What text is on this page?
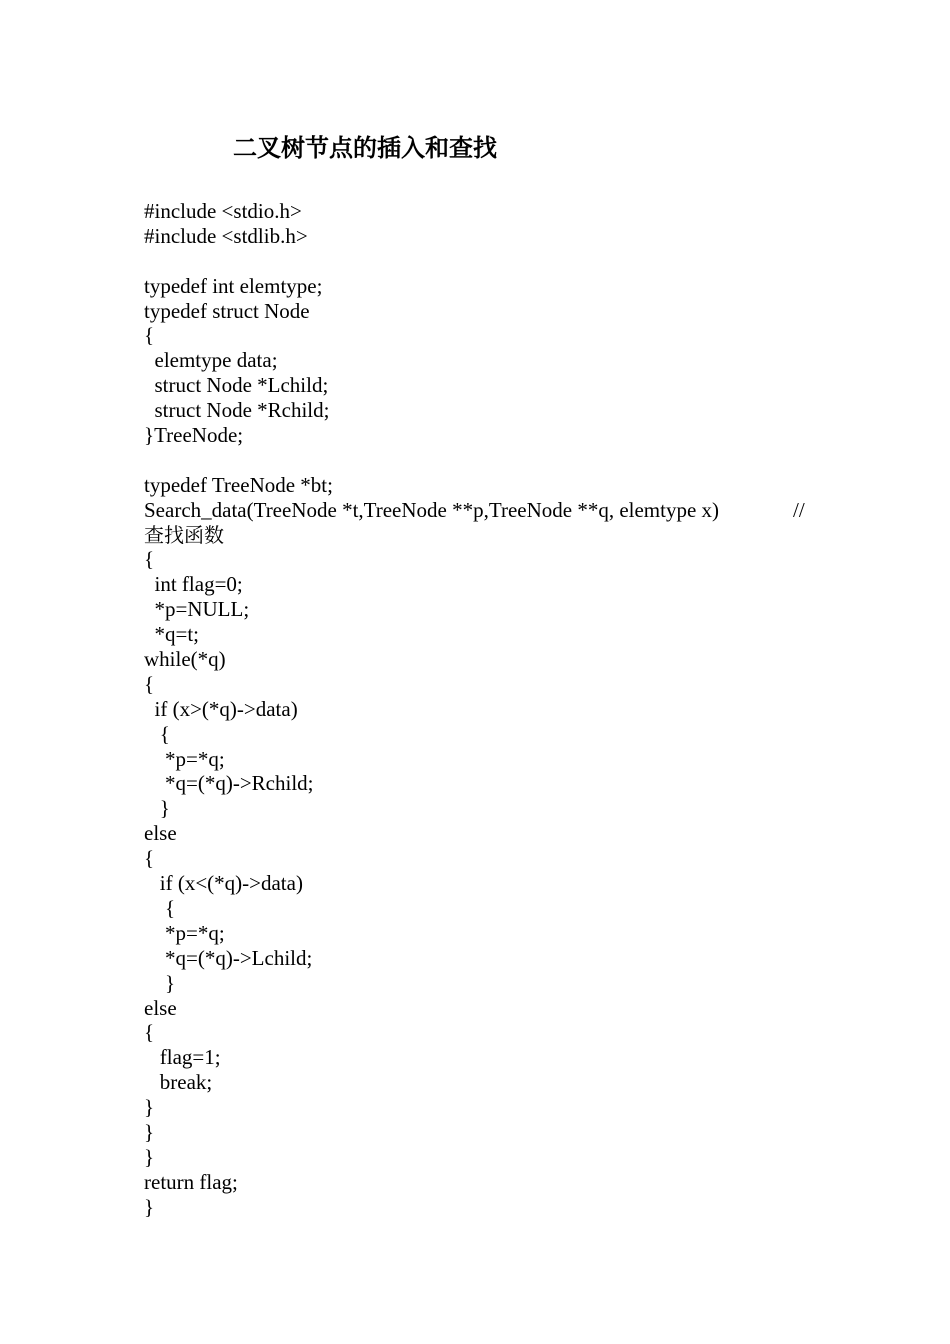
二叉树节点的插入和查找
#include <stdio.h>
#include <stdlib.h>
typedef int elemtype;
typedef struct Node
{
elemtype data;
struct Node *Lchild;
struct Node *Rchild;
}TreeNode;
typedef TreeNode *bt;
Search_data(TreeNode *t,TreeNode **p,TreeNode **q, elemtype x)	//
查找函数
{
int flag=0;
*p=NULL;
*q=t;
while(*q)
{
if (x>(*q)->data)
{
*p=*q;
*q=(*q)->Rchild;
}
else
{
if (x<(*q)->data)
{
*p=*q;
*q=(*q)->Lchild;
}
else
{
flag=1;
break;
}
}
}
return flag;
}
